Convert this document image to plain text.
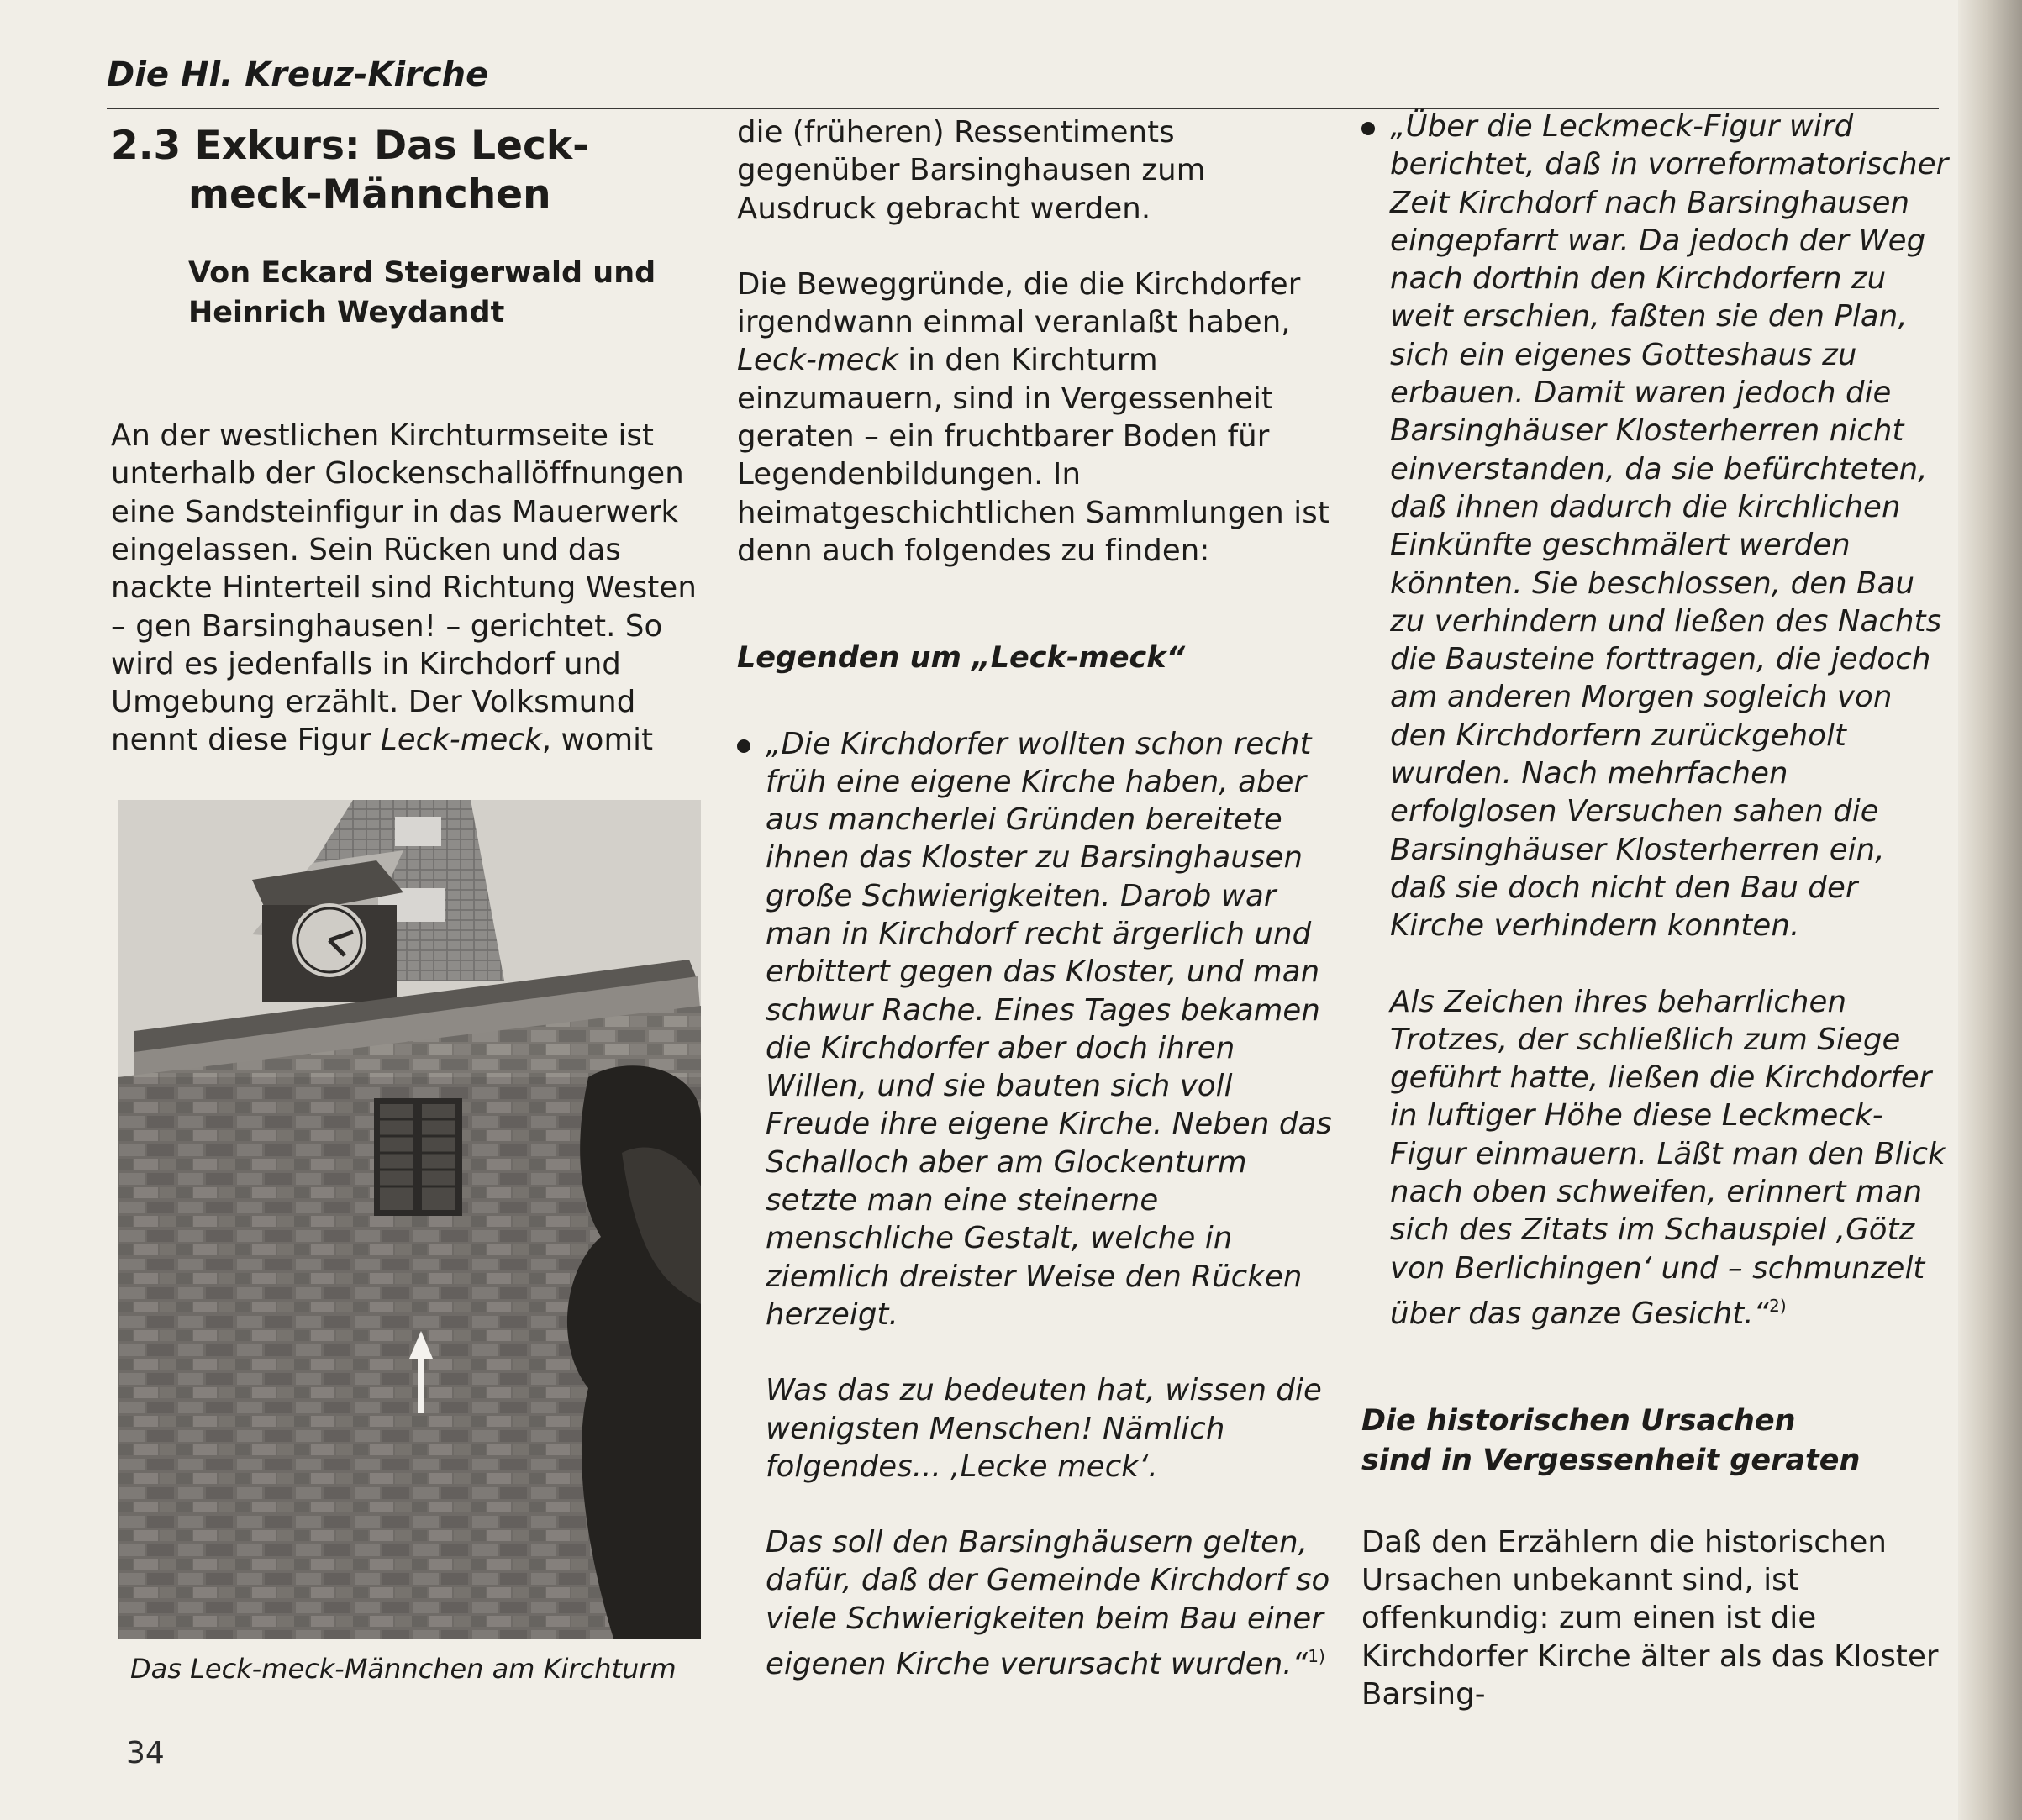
Die Hl. Kreuz-Kirche
2.3 Exkurs: Das Leck-
meck-Männchen
Von Eckard Steigerwald und
Heinrich Weydandt

An der westlichen Kirchturmseite ist unterhalb der Glockenschallöffnungen eine Sandsteinfigur in das Mauerwerk eingelassen. Sein Rücken und das nackte Hinterteil sind Richtung Westen – gen Barsinghausen! – gerichtet. So wird es jedenfalls in Kirchdorf und Umgebung erzählt. Der Volksmund nennt diese Figur Leck-meck, womit

Das Leck-meck-Männchen am Kirchturm

die (früheren) Ressentiments gegenüber Barsinghausen zum Ausdruck gebracht werden.

Die Beweggründe, die die Kirchdorfer irgendwann einmal veranlaßt haben, Leck-meck in den Kirchturm einzumauern, sind in Vergessenheit geraten – ein fruchtbarer Boden für Legendenbildungen. In heimatgeschichtlichen Sammlungen ist denn auch folgendes zu finden:

Legenden um „Leck-meck“

„Die Kirchdorfer wollten schon recht früh eine eigene Kirche haben, aber aus mancherlei Gründen bereitete ihnen das Kloster zu Barsinghausen große Schwierigkeiten. Darob war man in Kirchdorf recht ärgerlich und erbittert gegen das Kloster, und man schwur Rache. Eines Tages bekamen die Kirchdorfer aber doch ihren Willen, und sie bauten sich voll Freude ihre eigene Kirche. Neben das Schalloch aber am Glockenturm setzte man eine steinerne menschliche Gestalt, welche in ziemlich dreister Weise den Rücken herzeigt.

Was das zu bedeuten hat, wissen die wenigsten Menschen! Nämlich folgendes... ‚Lecke meck‘.

Das soll den Barsinghäusern gelten, dafür, daß der Gemeinde Kirchdorf so viele Schwierigkeiten beim Bau einer eigenen Kirche verursacht wurden.“$^{1)}$

„Über die Leckmeck-Figur wird berichtet, daß in vorreformatorischer Zeit Kirchdorf nach Barsinghausen eingepfarrt war. Da jedoch der Weg nach dorthin den Kirchdorfern zu weit erschien, faßten sie den Plan, sich ein eigenes Gotteshaus zu erbauen. Damit waren jedoch die Barsinghäuser Klosterherren nicht einverstanden, da sie befürchteten, daß ihnen dadurch die kirchlichen Einkünfte geschmälert werden könnten. Sie beschlossen, den Bau zu verhindern und ließen des Nachts die Bausteine forttragen, die jedoch am anderen Morgen sogleich von den Kirchdorfern zurückgeholt wurden. Nach mehrfachen erfolglosen Versuchen sahen die Barsinghäuser Klosterherren ein, daß sie doch nicht den Bau der Kirche verhindern konnten.

Als Zeichen ihres beharrlichen Trotzes, der schließlich zum Siege geführt hatte, ließen die Kirchdorfer in luftiger Höhe diese Leckmeck-Figur einmauern. Läßt man den Blick nach oben schweifen, erinnert man sich des Zitats im Schauspiel ‚Götz von Berlichingen‘ und – schmunzelt über das ganze Gesicht.“$^{2)}$

Die historischen Ursachen
sind in Vergessenheit geraten

Daß den Erzählern die historischen Ursachen unbekannt sind, ist offenkundig: zum einen ist die Kirchdorfer Kirche älter als das Kloster Barsing-

34
